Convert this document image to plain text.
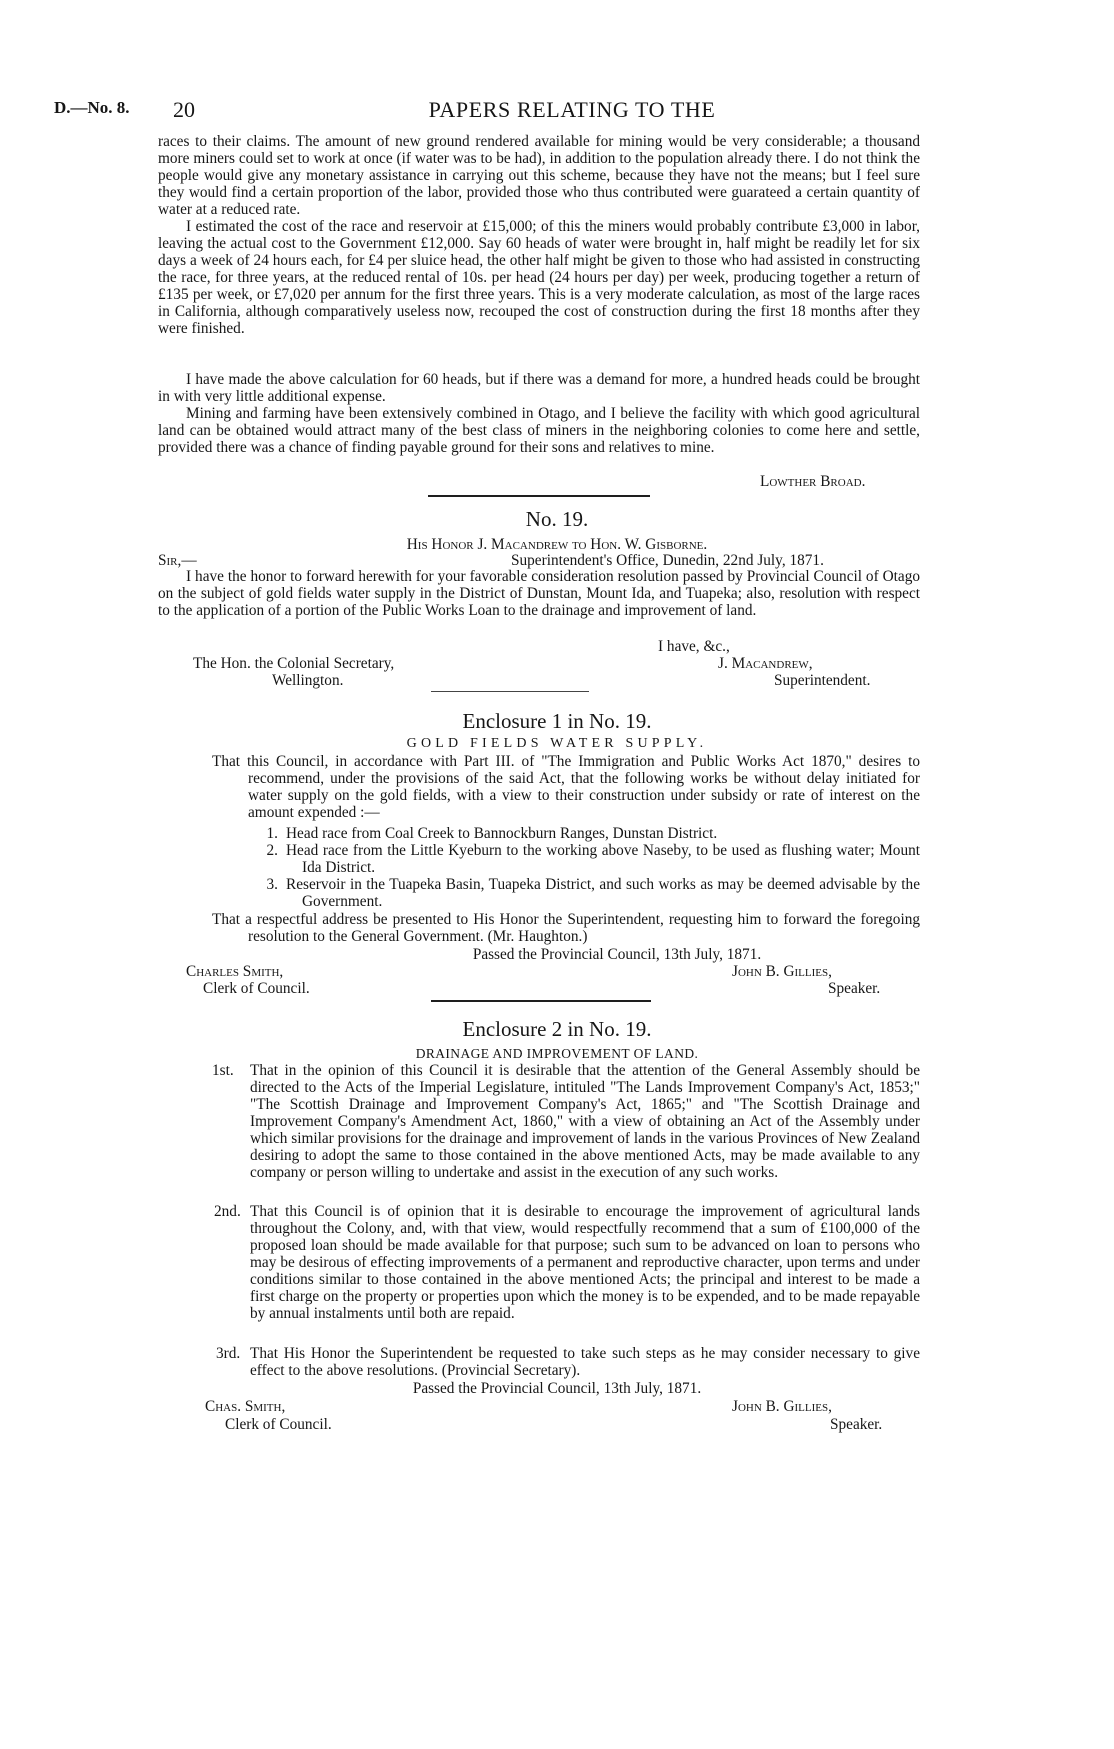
D.—No. 8. 20	PAPERS RELATING TO THE
races to their claims. The amount of new ground rendered available for mining would be very considerable; a thousand more miners could set to work at once (if water was to be had), in addition to the population already there. I do not think the people would give any monetary assistance in carrying out this scheme, because they have not the means; but I feel sure they would find a certain proportion of the labor, provided those who thus contributed were guarateed a certain quantity of water at a reduced rate.
I estimated the cost of the race and reservoir at £15,000; of this the miners would probably contribute £3,000 in labor, leaving the actual cost to the Government £12,000. Say 60 heads of water were brought in, half might be readily let for six days a week of 24 hours each, for £4 per sluice head, the other half might be given to those who had assisted in constructing the race, for three years, at the reduced rental of 10s. per head (24 hours per day) per week, producing together a return of £135 per week, or £7,020 per annum for the first three years. This is a very moderate calculation, as most of the large races in California, although comparatively useless now, recouped the cost of construction during the first 18 months after they were finished.
I have made the above calculation for 60 heads, but if there was a demand for more, a hundred heads could be brought in with very little additional expense.
Mining and farming have been extensively combined in Otago, and I believe the facility with which good agricultural land can be obtained would attract many of the best class of miners in the neighboring colonies to come here and settle, provided there was a chance of finding payable ground for their sons and relatives to mine.
Lowther Broad.
No. 19.
His Honor J. Macandrew to Hon. W. Gisborne.
Sir,—	Superintendent's Office, Dunedin, 22nd July, 1871.
I have the honor to forward herewith for your favorable consideration resolution passed by Provincial Council of Otago on the subject of gold fields water supply in the District of Dunstan, Mount Ida, and Tuapeka; also, resolution with respect to the application of a portion of the Public Works Loan to the drainage and improvement of land.
I have, &c.,
The Hon. the Colonial Secretary,	J. Macandrew,
Wellington.	Superintendent.
Enclosure 1 in No. 19.
GOLD FIELDS WATER SUPPLY.
That this Council, in accordance with Part III. of "The Immigration and Public Works Act 1870," desires to recommend, under the provisions of the said Act, that the following works be without delay initiated for water supply on the gold fields, with a view to their construction under subsidy or rate of interest on the amount expended :—
1. Head race from Coal Creek to Bannockburn Ranges, Dunstan District.
2. Head race from the Little Kyeburn to the working above Naseby, to be used as flushing water; Mount Ida District.
3. Reservoir in the Tuapeka Basin, Tuapeka District, and such works as may be deemed advisable by the Government.
That a respectful address be presented to His Honor the Superintendent, requesting him to forward the foregoing resolution to the General Government. (Mr. Haughton.)
Passed the Provincial Council, 13th July, 1871.
Charles Smith,	John B. Gillies,
Clerk of Council.	Speaker.
Enclosure 2 in No. 19.
DRAINAGE AND IMPROVEMENT OF LAND.
1st. That in the opinion of this Council it is desirable that the attention of the General Assembly should be directed to the Acts of the Imperial Legislature, intituled "The Lands Improvement Company's Act, 1853;" "The Scottish Drainage and Improvement Company's Act, 1865;" and "The Scottish Drainage and Improvement Company's Amendment Act, 1860," with a view of obtaining an Act of the Assembly under which similar provisions for the drainage and improvement of lands in the various Provinces of New Zealand desiring to adopt the same to those contained in the above mentioned Acts, may be made available to any company or person willing to undertake and assist in the execution of any such works.
2nd. That this Council is of opinion that it is desirable to encourage the improvement of agricultural lands throughout the Colony, and, with that view, would respectfully recommend that a sum of £100,000 of the proposed loan should be made available for that purpose; such sum to be advanced on loan to persons who may be desirous of effecting improvements of a permanent and reproductive character, upon terms and under conditions similar to those contained in the above mentioned Acts; the principal and interest to be made a first charge on the property or properties upon which the money is to be expended, and to be made repayable by annual instalments until both are repaid.
3rd. That His Honor the Superintendent be requested to take such steps as he may consider necessary to give effect to the above resolutions. (Provincial Secretary).
Passed the Provincial Council, 13th July, 1871.
Chas. Smith,	John B. Gillies,
Clerk of Council.	Speaker.
